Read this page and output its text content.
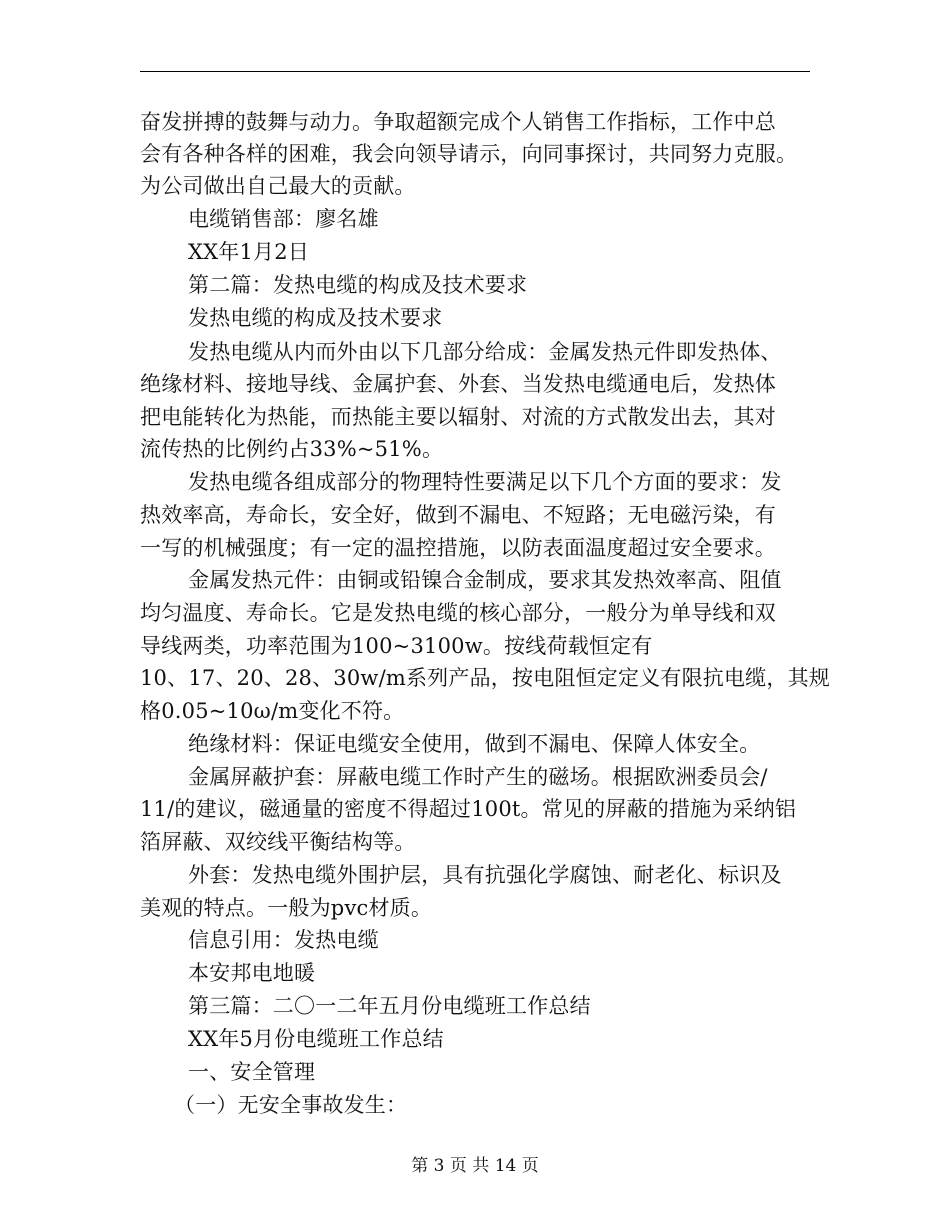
奋发拼搏的鼓舞与动力。争取超额完成个人销售工作指标，工作中总
会有各种各样的困难，我会向领导请示，向同事探讨，共同努力克服。
为公司做出自己最大的贡献。
电缆销售部：廖名雄
XX年1月2日
第二篇：发热电缆的构成及技术要求
发热电缆的构成及技术要求
发热电缆从内而外由以下几部分给成：金属发热元件即发热体、
绝缘材料、接地导线、金属护套、外套、当发热电缆通电后，发热体
把电能转化为热能，而热能主要以辐射、对流的方式散发出去，其对
流传热的比例约占33%~51%。
发热电缆各组成部分的物理特性要满足以下几个方面的要求：发
热效率高，寿命长，安全好，做到不漏电、不短路；无电磁污染，有
一写的机械强度；有一定的温控措施，以防表面温度超过安全要求。
金属发热元件：由铜或铅镍合金制成，要求其发热效率高、阻值
均匀温度、寿命长。它是发热电缆的核心部分，一般分为单导线和双
导线两类，功率范围为100~3100w。按线荷载恒定有
10、17、20、28、30w/m系列产品，按电阻恒定定义有限抗电缆，其规
格0.05~10ω/m变化不符。
绝缘材料：保证电缆安全使用，做到不漏电、保障人体安全。
金属屏蔽护套：屏蔽电缆工作时产生的磁场。根据欧洲委员会/
11/的建议，磁通量的密度不得超过100t。常见的屏蔽的措施为采纳铝
箔屏蔽、双绞线平衡结构等。
外套：发热电缆外围护层，具有抗强化学腐蚀、耐老化、标识及
美观的特点。一般为pvc材质。
信息引用：发热电缆
本安邦电地暖
第三篇：二〇一二年五月份电缆班工作总结
XX年5月份电缆班工作总结
一、安全管理
（一）无安全事故发生：
第 3 页 共 14 页
